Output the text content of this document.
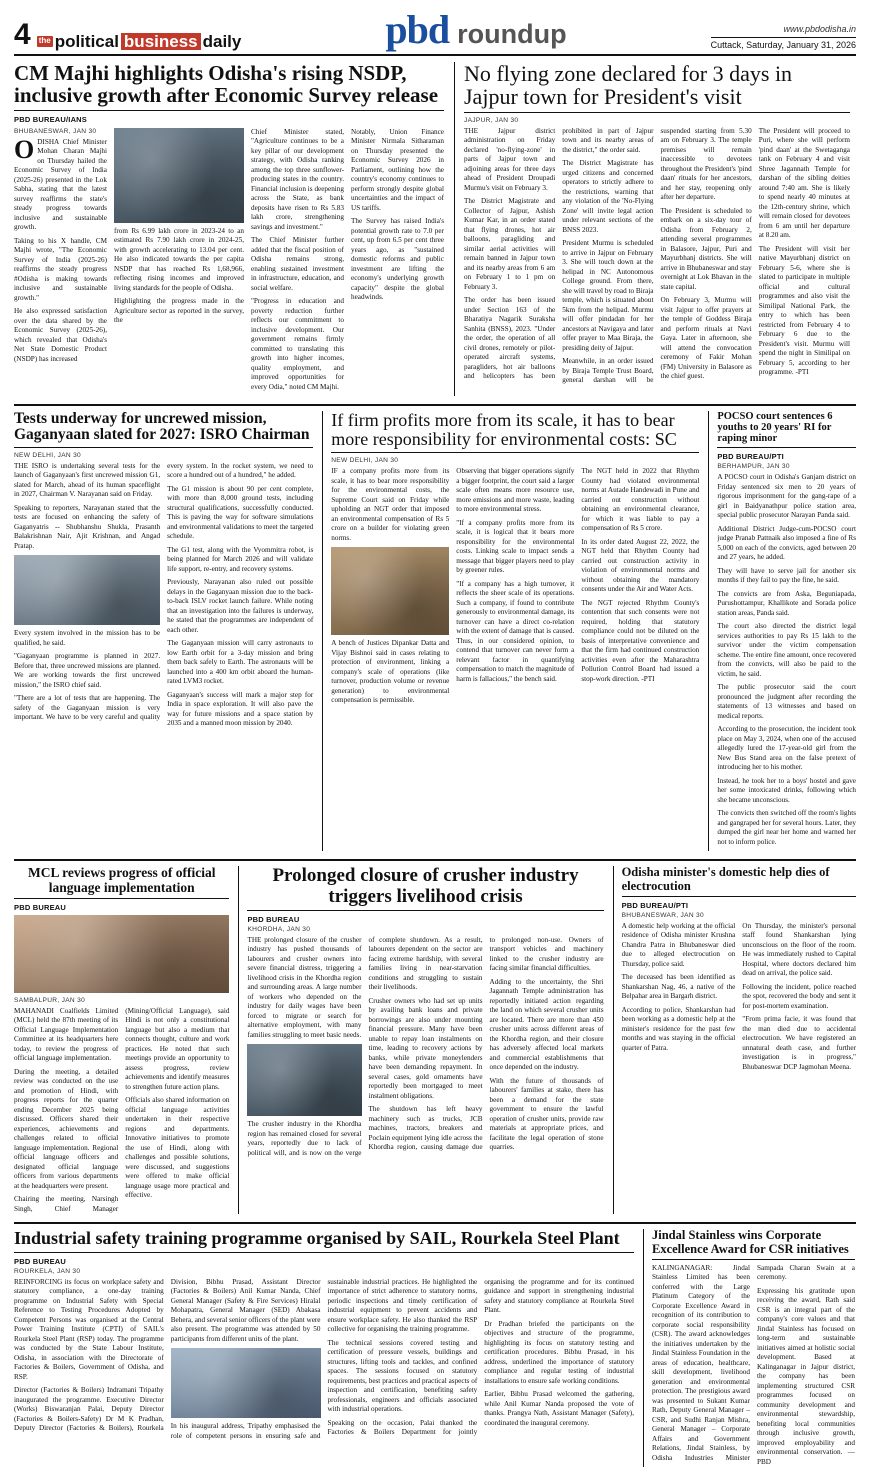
4 the political business daily	pbd roundup	www.pbdodisha.in
Cuttack, Saturday, January 31, 2026
CM Majhi highlights Odisha's rising NSDP, inclusive growth after Economic Survey release
PBD BUREAU/IANS
BHUBANESWAR, JAN 30

ODISHA Chief Minister Mohan Charan Majhi on Thursday hailed the Economic Survey of India (2025-26) presented in the Lok Sabha, stating that the latest survey reaffirms the state's steady progress towards inclusive and sustainable growth.

Taking to his X handle, CM Majhi wrote, "The Economic Survey of India (2025-26) reaffirms the steady progress #Odisha is making towards inclusive and sustainable growth."

He also expressed satisfaction over the data shared by the Economic Survey (2025-26), which revealed that Odisha's Net State Domestic Product (NSDP) has increased

from Rs 6.99 lakh crore in 2023-24 to an estimated Rs 7.90 lakh crore in 2024-25, with growth accelerating to 13.04 per cent. He also indicated towards the per capita NSDP that has reached Rs 1,68,966, reflecting rising incomes and improved living standards for the people of Odisha.

Highlighting the progress made in the Agriculture sector as reported in the survey, the

Chief Minister stated, "Agriculture continues to be a key pillar of our development strategy, with Odisha ranking among the top three sunflower-producing states in the country. Financial inclusion is deepening across the State, as bank deposits have risen to Rs 5.83 lakh crore, strengthening savings and investment."

The Chief Minister further added that the fiscal position of Odisha remains strong, enabling sustained investment in infrastructure, education, and social welfare.

"Progress in education and poverty reduction further reflects our commitment to inclusive development. Our government remains firmly committed to translating this growth into higher incomes, quality employment, and improved opportunities for every Odia," noted CM Majhi.

Notably, Union Finance Minister Nirmala Sitharaman on Thursday presented the Economic Survey 2026 in Parliament, outlining how the country's economy continues to perform strongly despite global uncertainties and the impact of US tariffs.

The Survey has raised India's potential growth rate to 7.0 per cent, up from 6.5 per cent three years ago, as "sustained domestic reforms and public investment are lifting the economy's underlying growth capacity" despite the global headwinds.

No flying zone declared for 3 days in Jajpur town for President's visit
JAJPUR, JAN 30

THE Jajpur district administration on Friday declared 'no-flying-zone' in parts of Jajpur town and adjoining areas for three days ahead of President Droupadi Murmu's visit on February 3.

The District Magistrate and Collector of Jajpur, Ashish Kumar Kar, in an order stated that flying drones, hot air balloons, paragliding and similar aerial activities will remain banned in Jajpur town and its nearby areas from 6 am on February 1 to 1 pm on February 3.

The order has been issued under Section 163 of the Bharatiya Nagarik Suraksha Sanhita (BNSS), 2023. "Under the order, the operation of all civil drones, remotely or pilot-operated aircraft systems, paragliders, hot air balloons and helicopters has been prohibited in part of Jajpur town and its nearby areas of the district," the order said.

The District Magistrate has urged citizens and concerned operators to strictly adhere to the restrictions, warning that any violation of the 'No-Flying Zone' will invite legal action under relevant sections of the BNSS 2023.

President Murmu is scheduled to arrive in Jajpur on February 3. She will touch down at the helipad in NC Autonomous College ground. From there, she will travel by road to Biraja temple, which is situated about 5km from the helipad. Murmu will offer pindadan for her ancestors at Navigaya and later offer prayer to Maa Biraja, the presiding deity of Jajpur.

Meanwhile, in an order issued by Biraja Temple Trust Board, general darshan will be suspended starting from 5.30 am on February 3. The temple premises will remain inaccessible to devotees throughout the President's 'pind daan' rituals for her ancestors, and her stay, reopening only after her departure.

The President is scheduled to embark on a six-day tour of Odisha from February 2, attending several programmes in Balasore, Jajpur, Puri and Mayurbhanj districts. She will arrive in Bhubaneswar and stay overnight at Lok Bhavan in the state capital.

On February 3, Murmu will visit Jajpur to offer prayers at the temple of Goddess Biraja and perform rituals at Navi Gaya. Later in afternoon, she will attend the convocation ceremony of Fakir Mohan (FM) University in Balasore as the chief guest.

The President will proceed to Puri, where she will perform 'pind daan' at the Swetaganga tank on February 4 and visit Shree Jagannath Temple for darshan of the sibling deities around 7:40 am. She is likely to spend nearly 40 minutes at the 12th-century shrine, which will remain closed for devotees from 6 am until her departure at 8.20 am.

The President will visit her native Mayurbhanj district on February 5-6, where she is slated to participate in multiple official and cultural programmes and also visit the Similipal National Park, the entry to which has been restricted from February 4 to February 6 due to the President's visit. Murmu will spend the night in Similipal on February 5, according to her programme. -PTI

Tests underway for uncrewed mission, Gaganyaan slated for 2027: ISRO Chairman
NEW DELHI, JAN 30

THE ISRO is undertaking several tests for the launch of Gaganyaan's first uncrewed mission G1, slated for March, ahead of its human spaceflight in 2027, Chairman V. Narayanan said on Friday.

Speaking to reporters, Narayanan stated that the tests are focused on enhancing the safety of Gaganyatris -- Shubhanshu Shukla, Prasanth Balakrishnan Nair, Ajit Krishnan, and Angad Pratap.

Every system involved in the mission has to be qualified, he said.

"Gaganyaan programme is planned in 2027. Before that, three uncrewed missions are planned. We are working towards the first uncrewed mission," the ISRO chief said.

"There are a lot of tests that are happening. The safety of the Gaganyaan mission is very important. We have to be very careful and quality every system. In the rocket system, we need to score a hundred out of a hundred," he added.

The G1 mission is about 90 per cent complete, with more than 8,000 ground tests, including structural qualifications, successfully conducted. This is paving the way for software simulations and environmental validations to meet the targeted schedule.

The G1 test, along with the Vyommitra robot, is being planned for March 2026 and will validate life support, re-entry, and recovery systems.

Previously, Narayanan also ruled out possible delays in the Gaganyaan mission due to the back-to-back ISLV rocket launch failure. While noting that an investigation into the failures is underway, he stated that the programmes are independent of each other.

The Gaganyaan mission will carry astronauts to low Earth orbit for a 3-day mission and bring them back safely to Earth. The astronauts will be launched into a 400 km orbit aboard the human-rated LVM3 rocket.

Gaganyaan's success will mark a major step for India in space exploration. It will also pave the way for future missions and a space station by 2035 and a manned moon mission by 2040.

If firm profits more from its scale, it has to bear more responsibility for environmental costs: SC
NEW DELHI, JAN 30

IF a company profits more from its scale, it has to bear more responsibility for the environmental costs, the Supreme Court said on Friday while upholding an NGT order that imposed an environmental compensation of Rs 5 crore on a builder for violating green norms.

A bench of Justices Dipankar Datta and Vijay Bishnoi said in cases relating to protection of environment, linking a company's scale of operations (like turnover, production volume or revenue generation) to environmental compensation is permissible.

Observing that bigger operations signify a bigger footprint, the court said a larger scale often means more resource use, more emissions and more waste, leading to more environmental stress.

"If a company profits more from its scale, it is logical that it bears more responsibility for the environmental costs. Linking scale to impact sends a message that bigger players need to play by greener rules.

"If a company has a high turnover, it reflects the sheer scale of its operations. Such a company, if found to contribute generously to environmental damage, its turnover can have a direct co-relation with the extent of damage that is caused. Thus, in our considered opinion, to contend that turnover can never form a relevant factor in quantifying compensation to match the magnitude of harm is fallacious," the bench said.

The NGT held in 2022 that Rhythm County had violated environmental norms at Autade Handewadi in Pune and carried out construction without obtaining an environmental clearance, for which it was liable to pay a compensation of Rs 5 crore.

In its order dated August 22, 2022, the NGT held that Rhythm County had carried out construction activity in violation of environmental norms and without obtaining the mandatory consents under the Air and Water Acts.

The NGT rejected Rhythm County's contention that such consents were not required, holding that statutory compliance could not be diluted on the basis of interpretative convenience and that the firm had continued construction activities even after the Maharashtra Pollution Control Board had issued a stop-work direction. -PTI

POCSO court sentences 6 youths to 20 years' RI for raping minor
PBD BUREAU/PTI
BERHAMPUR, JAN 30

A POCSO court in Odisha's Ganjam district on Friday sentenced six men to 20 years of rigorous imprisonment for the gang-rape of a girl in Baidyanathpur police station area, special public prosecutor Narayan Panda said.

Additional District Judge-cum-POCSO court judge Pranab Pattnaik also imposed a fine of Rs 5,000 on each of the convicts, aged between 20 and 27 years, he added.

They will have to serve jail for another six months if they fail to pay the fine, he said.

The convicts are from Aska, Beguniapada, Purushottampur, Khallikote and Sorada police station areas, Panda said.

The court also directed the district legal services authorities to pay Rs 15 lakh to the survivor under the victim compensation scheme. The entire fine amount, once recovered from the convicts, will also be paid to the victim, he said.

The public prosecutor said the court pronounced the judgment after recording the statements of 13 witnesses and based on medical reports.

According to the prosecution, the incident took place on May 3, 2024, when one of the accused allegedly lured the 17-year-old girl from the New Bus Stand area on the false pretext of introducing her to his mother.

Instead, he took her to a boys' hostel and gave her some intoxicated drinks, following which she became unconscious.

The convicts then switched off the room's lights and gangraped her for several hours. Later, they dumped the girl near her home and warned her not to inform police.

MCL reviews progress of official language implementation
PBD BUREAU
SAMBALPUR, JAN 30

MAHANADI Coalfields Limited (MCL) held the 87th meeting of its Official Language Implementation Committee at its headquarters here today, to review the progress of official language implementation.

During the meeting, a detailed review was conducted on the use and promotion of Hindi, with progress reports for the quarter ending December 2025 being discussed. Officers shared their experiences, achievements and challenges related to official language implementation. Regional official language officers and designated official language officers from various departments at the headquarters were present.

Chairing the meeting, Narsingh Singh, Chief Manager (Mining/Official Language), said Hindi is not only a constitutional language but also a medium that connects thought, culture and work practices. He noted that such meetings provide an opportunity to assess progress, review achievements and identify measures to strengthen future action plans.

Officials also shared information on official language activities undertaken in their respective regions and departments. Innovative initiatives to promote the use of Hindi, along with challenges and possible solutions, were discussed, and suggestions were offered to make official language usage more practical and effective.

Prolonged closure of crusher industry triggers livelihood crisis
PBD BUREAU
KHORDHA, JAN 30

THE prolonged closure of the crusher industry has pushed thousands of labourers and crusher owners into severe financial distress, triggering a livelihood crisis in the Khordha region and surrounding areas. A large number of workers who depended on the industry for daily wages have been forced to migrate or search for alternative employment, with many families struggling to meet basic needs.

The crusher industry in the Khordha region has remained closed for several years, reportedly due to lack of political will, and is now on the verge of complete shutdown. As a result, labourers dependent on the sector are facing extreme hardship, with several families living in near-starvation conditions and struggling to sustain their livelihoods.

Crusher owners who had set up units by availing bank loans and private borrowings are also under mounting financial pressure. Many have been unable to repay loan instalments on time, leading to recovery actions by banks, while private moneylenders have been demanding repayment. In several cases, gold ornaments have reportedly been mortgaged to meet instalment obligations.

The shutdown has left heavy machinery such as trucks, JCB machines, tractors, breakers and Poclain equipment lying idle across the Khordha region, causing damage due to prolonged non-use. Owners of transport vehicles and machinery linked to the crusher industry are facing similar financial difficulties.

Adding to the uncertainty, the Shri Jagannath Temple administration has reportedly initiated action regarding the land on which several crusher units are located. There are more than 450 crusher units across different areas of the Khordha region, and their closure has adversely affected local markets and commercial establishments that once depended on the industry.

With the future of thousands of labourers' families at stake, there has been a demand for the state government to ensure the lawful operation of crusher units, provide raw materials at appropriate prices, and facilitate the legal operation of stone quarries.

Odisha minister's domestic help dies of electrocution
PBD BUREAU/PTI
BHUBANESWAR, JAN 30

A domestic help working at the official residence of Odisha minister Krushna Chandra Patra in Bhubaneswar died due to alleged electrocution on Thursday, police said.

The deceased has been identified as Shankarshan Nag, 46, a native of the Belpahar area in Bargarh district.

According to police, Shankarshan had been working as a domestic help at the minister's residence for the past few months and was staying in the official quarter of Patra.

On Thursday, the minister's personal staff found Shankarshan lying unconscious on the floor of the room. He was immediately rushed to Capital Hospital, where doctors declared him dead on arrival, the police said.

Following the incident, police reached the spot, recovered the body and sent it for post-mortem examination.

"From prima facie, it was found that the man died due to accidental electrocution. We have registered an unnatural death case, and further investigation is in progress," Bhubaneswar DCP Jagmohan Meena.

Industrial safety training programme organised by SAIL, Rourkela Steel Plant
PBD BUREAU
ROURKELA, JAN 30

REINFORCING its focus on workplace safety and statutory compliance, a one-day training programme on Industrial Safety with Special Reference to Testing Procedures Adopted by Competent Persons was organised at the Central Power Training Institute (CPTI) of SAIL's Rourkela Steel Plant (RSP) today. The programme was conducted by the State Labour Institute, Odisha, in association with the Directorate of Factories & Boilers, Government of Odisha, and RSP.

Director (Factories & Boilers) Indramani Tripathy inaugurated the programme. Executive Director (Works) Biswaranjan Palai, Deputy Director (Factories & Boilers-Safety) Dr M K Pradhan, Deputy Director (Factories & Boilers), Rourkela Division, Bibhu Prasad, Assistant Director (Factories & Boilers) Anil Kumar Nanda, Chief General Manager (Safety & Fire Services) Hiralal Mohapatra, General Manager (SED) Abakasa Behera, and several senior officers of the plant were also present. The programme was attended by 50 participants from different units of the plant.

In his inaugural address, Tripathy emphasised the role of competent persons in ensuring safe and sustainable industrial practices. He highlighted the importance of strict adherence to statutory norms, periodic inspections and timely certification of industrial equipment to prevent accidents and ensure workplace safety. He also thanked the RSP collective for organising the training programme.

The technical sessions covered testing and certification of pressure vessels, buildings and structures, lifting tools and tackles, and confined spaces. The sessions focused on statutory requirements, best practices and practical aspects of inspection and certification, benefiting safety professionals, engineers and officials associated with industrial operations.

Speaking on the occasion, Palai thanked the Factories & Boilers Department for jointly organising the programme and for its continued guidance and support in strengthening industrial safety and statutory compliance at Rourkela Steel Plant.

Dr Pradhan briefed the participants on the objectives and structure of the programme, highlighting its focus on statutory testing and certification procedures. Bibhu Prasad, in his address, underlined the importance of statutory compliance and regular testing of industrial installations to ensure safe working conditions.

Earlier, Bibhu Prasad welcomed the gathering, while Anil Kumar Nanda proposed the vote of thanks. Prangya Nath, Assistant Manager (Safety), coordinated the inaugural ceremony.

Jindal Stainless wins Corporate Excellence Award for CSR initiatives

KALINGANAGAR: Jindal Stainless Limited has been conferred with the Large Platinum Category of the Corporate Excellence Award in recognition of its contribution to corporate social responsibility (CSR). The award acknowledges the initiatives undertaken by the Jindal Stainless Foundation in the areas of education, healthcare, skill development, livelihood generation and environmental protection. The prestigious award was presented to Sukant Kumar Rath, Deputy General Manager – CSR, and Sudhi Ranjan Mishra, General Manager – Corporate Affairs and Government Relations, Jindal Stainless, by Odisha Industries Minister Sampada Charan Swain at a ceremony.

Expressing his gratitude upon receiving the award, Rath said CSR is an integral part of the company's core values and that Jindal Stainless has focused on long-term and sustainable initiatives aimed at holistic social development. Based at Kalinganagar in Jajpur district, the company has been implementing structured CSR programmes focused on community development and environmental stewardship, benefiting local communities through inclusive growth, improved employability and environmental conservation. —PBD
